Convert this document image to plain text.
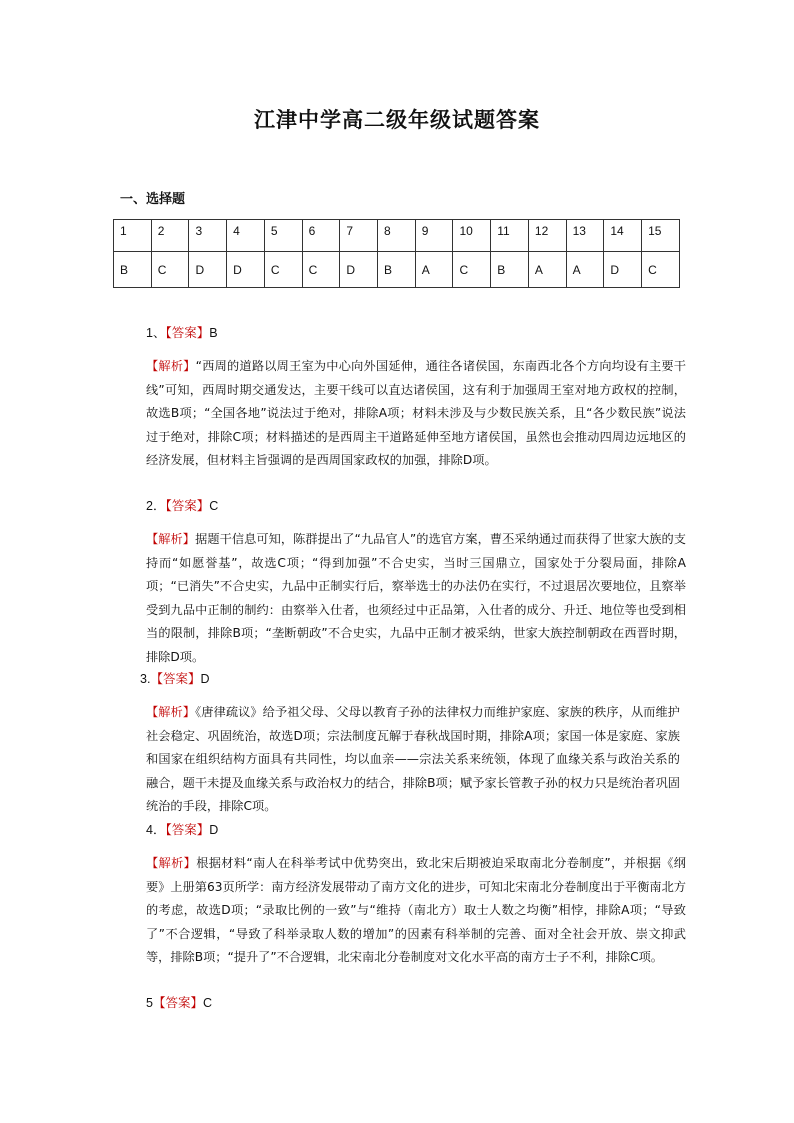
江津中学高二级年级试题答案
一、选择题
1	2	3	4	5	6	7	8	9	10	11	12	13	14	15
B	C	D	D	C	C	D	B	A	C	B	A	A	D	C
1、【答案】B
【解析】“西周的道路以周王室为中心向外国延伸，通往各诸侯国，东南西北各个方向均设有主要干线”可知，西周时期交通发达，主要干线可以直达诸侯国，这有利于加强周王室对地方政权的控制，故选B项；“全国各地”说法过于绝对，排除A项；材料未涉及与少数民族关系，且“各少数民族”说法过于绝对，排除C项；材料描述的是西周主干道路延伸至地方诸侯国，虽然也会推动四周边远地区的经济发展，但材料主旨强调的是西周国家政权的加强，排除D项。
2．【答案】C
【解析】据题干信息可知，陈群提出了“九品官人”的选官方案，曹丕采纳通过而获得了世家大族的支持而“如愿誉基”，故选C项；“得到加强”不合史实，当时三国鼎立，国家处于分裂局面，排除A项；“已消失”不合史实，九品中正制实行后，察举选士的办法仍在实行，不过退居次要地位，且察举受到九品中正制的制约：由察举入仕者，也须经过中正品第，入仕者的成分、升迁、地位等也受到相当的限制，排除B项；“垄断朝政”不合史实，九品中正制才被采纳，世家大族控制朝政在西晋时期，排除D项。
3.【答案】D
【解析】《唐律疏议》给予祖父母、父母以教育子孙的法律权力而维护家庭、家族的秩序，从而维护社会稳定、巩固统治，故选D项；宗法制度瓦解于春秋战国时期，排除A项；家国一体是家庭、家族和国家在组织结构方面具有共同性，均以血亲——宗法关系来统领，体现了血缘关系与政治关系的融合，题干未提及血缘关系与政治权力的结合，排除B项；赋予家长管教子孙的权力只是统治者巩固统治的手段，排除C项。
4．【答案】D
【解析】根据材料“南人在科举考试中优势突出，致北宋后期被迫采取南北分卷制度”，并根据《纲要》上册第63页所学：南方经济发展带动了南方文化的进步，可知北宋南北分卷制度出于平衡南北方的考虑，故选D项；“录取比例的一致”与“维持（南北方）取士人数之均衡”相悖，排除A项；“导致了”不合逻辑，“导致了科举录取人数的增加”的因素有科举制的完善、面对全社会开放、崇文抑武等，排除B项；“提升了”不合逻辑，北宋南北分卷制度对文化水平高的南方士子不利，排除C项。
5【答案】C
